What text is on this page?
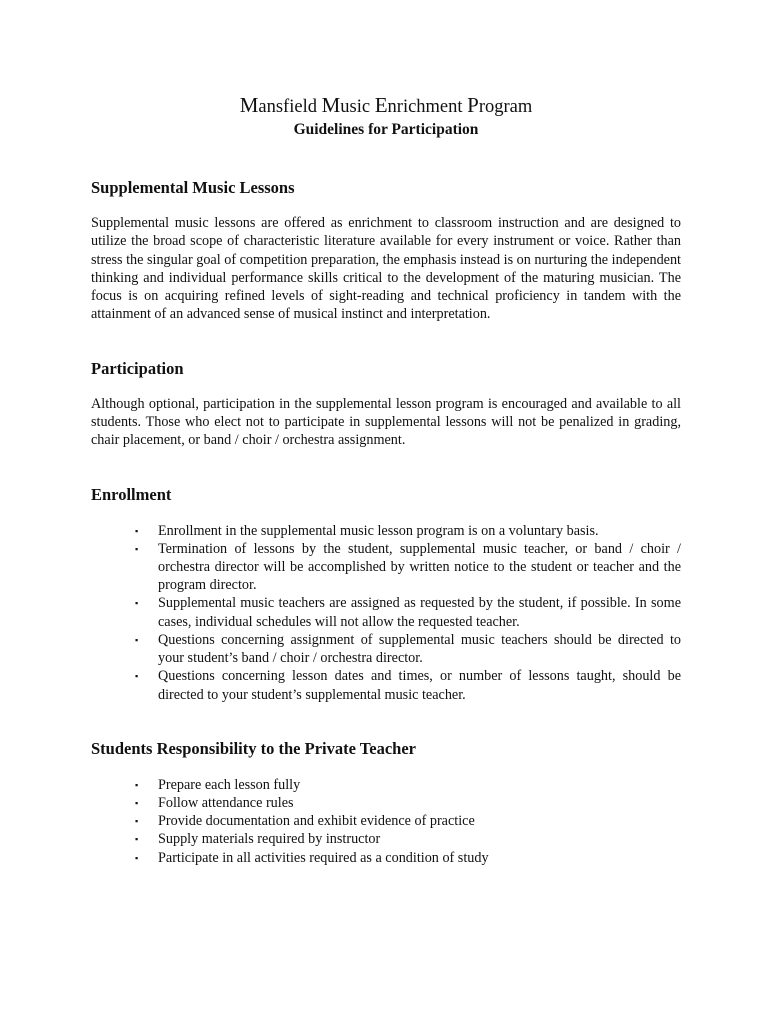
Mansfield Music Enrichment Program
Guidelines for Participation
Supplemental Music Lessons

Supplemental music lessons are offered as enrichment to classroom instruction and are designed to utilize the broad scope of characteristic literature available for every instrument or voice. Rather than stress the singular goal of competition preparation, the emphasis instead is on nurturing the independent thinking and individual performance skills critical to the development of the maturing musician. The focus is on acquiring refined levels of sight-reading and technical proficiency in tandem with the attainment of an advanced sense of musical instinct and interpretation.

Participation

Although optional, participation in the supplemental lesson program is encouraged and available to all students. Those who elect not to participate in supplemental lessons will not be penalized in grading, chair placement, or band / choir / orchestra assignment.

Enrollment
▪ Enrollment in the supplemental music lesson program is on a voluntary basis.
▪ Termination of lessons by the student, supplemental music teacher, or band / choir / orchestra director will be accomplished by written notice to the student or teacher and the program director.
▪ Supplemental music teachers are assigned as requested by the student, if possible. In some cases, individual schedules will not allow the requested teacher.
▪ Questions concerning assignment of supplemental music teachers should be directed to your student’s band / choir / orchestra director.
▪ Questions concerning lesson dates and times, or number of lessons taught, should be directed to your student’s supplemental music teacher.
Students Responsibility to the Private Teacher
▪ Prepare each lesson fully
▪ Follow attendance rules
▪ Provide documentation and exhibit evidence of practice
▪ Supply materials required by instructor
▪ Participate in all activities required as a condition of study
